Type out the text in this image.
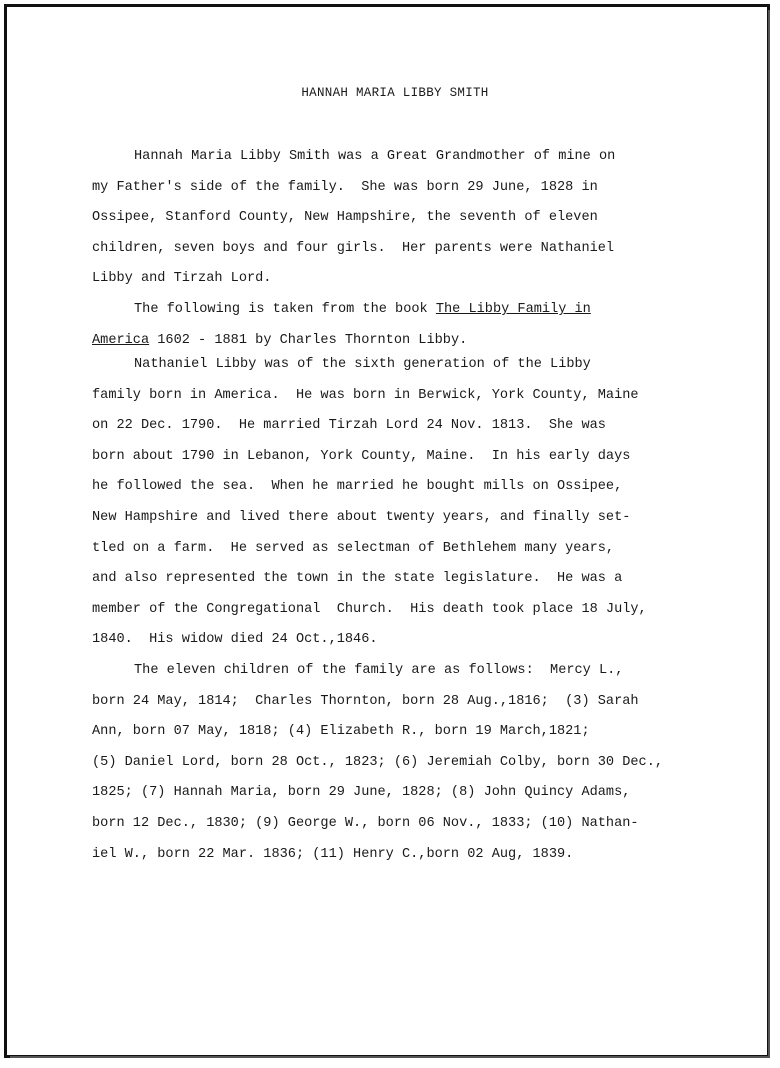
HANNAH MARIA LIBBY SMITH
Hannah Maria Libby Smith was a Great Grandmother of mine on
my Father's side of the family.  She was born 29 June, 1828 in
Ossipee, Stanford County, New Hampshire, the seventh of eleven
children, seven boys and four girls.  Her parents were Nathaniel
Libby and Tirzah Lord.
The following is taken from the book The Libby Family in
America 1602 - 1881 by Charles Thornton Libby.
Nathaniel Libby was of the sixth generation of the Libby
family born in America.  He was born in Berwick, York County, Maine
on 22 Dec. 1790.  He married Tirzah Lord 24 Nov. 1813.  She was
born about 1790 in Lebanon, York County, Maine.  In his early days
he followed the sea.  When he married he bought mills on Ossipee,
New Hampshire and lived there about twenty years, and finally set-
tled on a farm.  He served as selectman of Bethlehem many years,
and also represented the town in the state legislature.  He was a
member of the Congregational  Church.  His death took place 18 July,
1840.  His widow died 24 Oct.,1846.
The eleven children of the family are as follows:  Mercy L.,
born 24 May, 1814;  Charles Thornton, born 28 Aug.,1816;  (3) Sarah
Ann, born 07 May, 1818; (4) Elizabeth R., born 19 March,1821;
(5) Daniel Lord, born 28 Oct., 1823; (6) Jeremiah Colby, born 30 Dec.,
1825; (7) Hannah Maria, born 29 June, 1828; (8) John Quincy Adams,
born 12 Dec., 1830; (9) George W., born 06 Nov., 1833; (10) Nathan-
iel W., born 22 Mar. 1836; (11) Henry C.,born 02 Aug, 1839.
